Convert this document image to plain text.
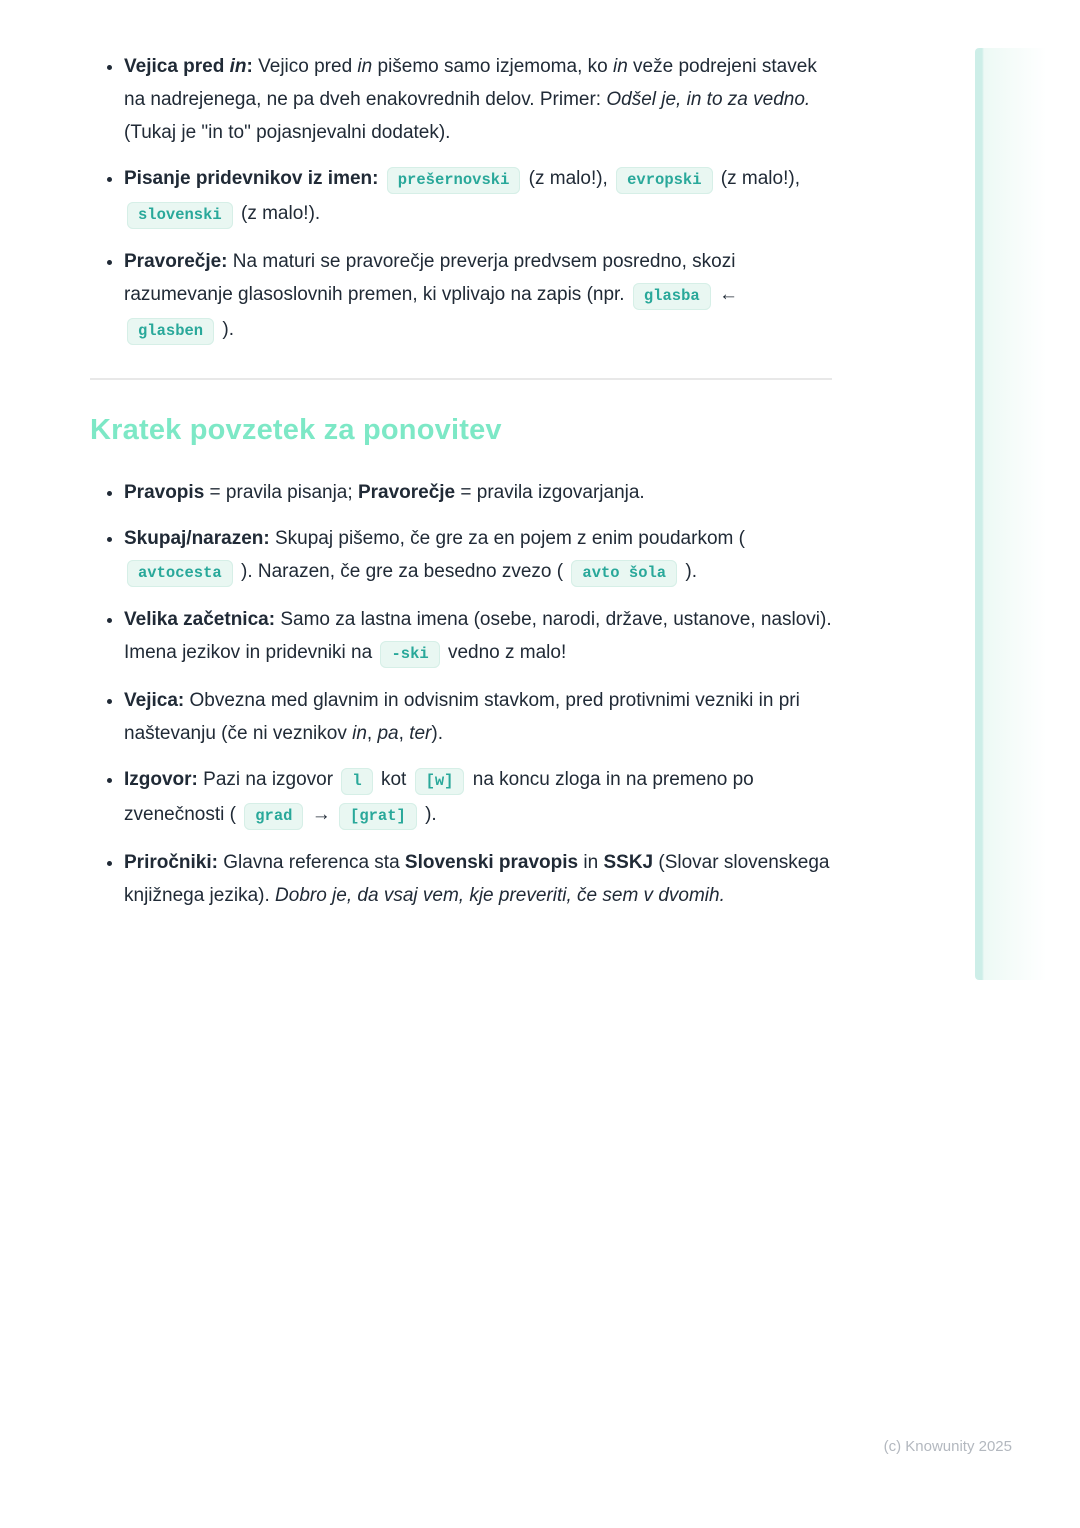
• Vejica pred in: Vejico pred in pišemo samo izjemoma, ko in veže podrejeni stavek na nadrejenega, ne pa dveh enakovrednih delov. Primer: Odšel je, in to za vedno. (Tukaj je "in to" pojasnjevalni dodatek).
• Pisanje pridevnikov iz imen: prešernovski (z malo!), evropski (z malo!), slovenski (z malo!).
• Pravorečje: Na maturi se pravorečje preverja predvsem posredno, skozi razumevanje glasoslovnih premen, ki vplivajo na zapis (npr. glasba ← glasben ).
Kratek povzetek za ponovitev
• Pravopis = pravila pisanja; Pravorečje = pravila izgovarjanja.
• Skupaj/narazen: Skupaj pišemo, če gre za en pojem z enim poudarkom ( avtocesta ). Narazen, če gre za besedno zvezo ( avto šola ).
• Velika začetnica: Samo za lastna imena (osebe, narodi, države, ustanove, naslovi). Imena jezikov in pridevniki na -ski vedno z malo!
• Vejica: Obvezna med glavnim in odvisnim stavkom, pred protivnimi vezniki in pri naštevanju (če ni veznikov in, pa, ter).
• Izgovor: Pazi na izgovor l kot [w] na koncu zloga in na premeno po zvenečnosti ( grad → [grat] ).
• Priročniki: Glavna referenca sta Slovenski pravopis in SSKJ (Slovar slovenskega knjižnega jezika). Dobro je, da vsaj vem, kje preveriti, če sem v dvomih.
(c) Knowunity 2025
